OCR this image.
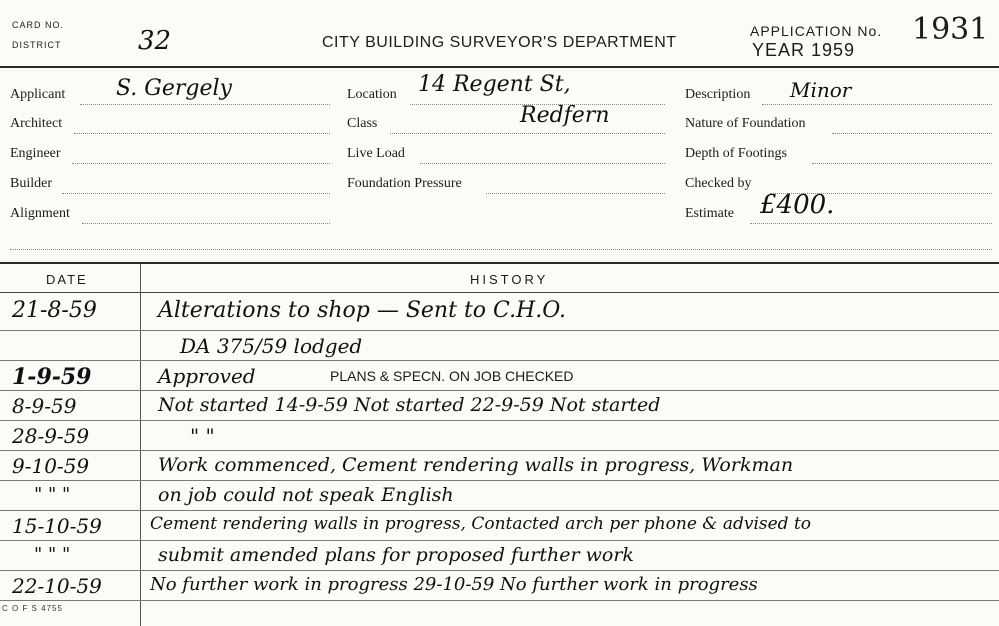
CARD NO.
DISTRICT	32	CITY BUILDING SURVEYOR'S DEPARTMENT
APPLICATION No.
YEAR 1959
1931
Applicant S. Gergely
Architect
Engineer
Builder
Alignment
Location 14 Regent St,
Redfern
Class
Live Load
Foundation Pressure
Description Minor
Nature of Foundation
Depth of Footings
Checked by
Estimate £400.
DATE	HISTORY
21-8-59	Alterations to shop — Sent to C.H.O.
DA 375/59 lodged
1-9-59	Approved	PLANS & SPECN. ON JOB CHECKED
8-9-59	Not started 14-9-59 Not started 22-9-59 Not started
28-9-59	" "
9-10-59	Work commenced, Cement rendering walls in progress, Workman
" " "	on job could not speak English
15-10-59	Cement rendering walls in progress, Contacted arch per phone & advised to
" " "	submit amended plans for proposed further work
22-10-59	No further work in progress 29-10-59 No further work in progress
C O F S 4755
